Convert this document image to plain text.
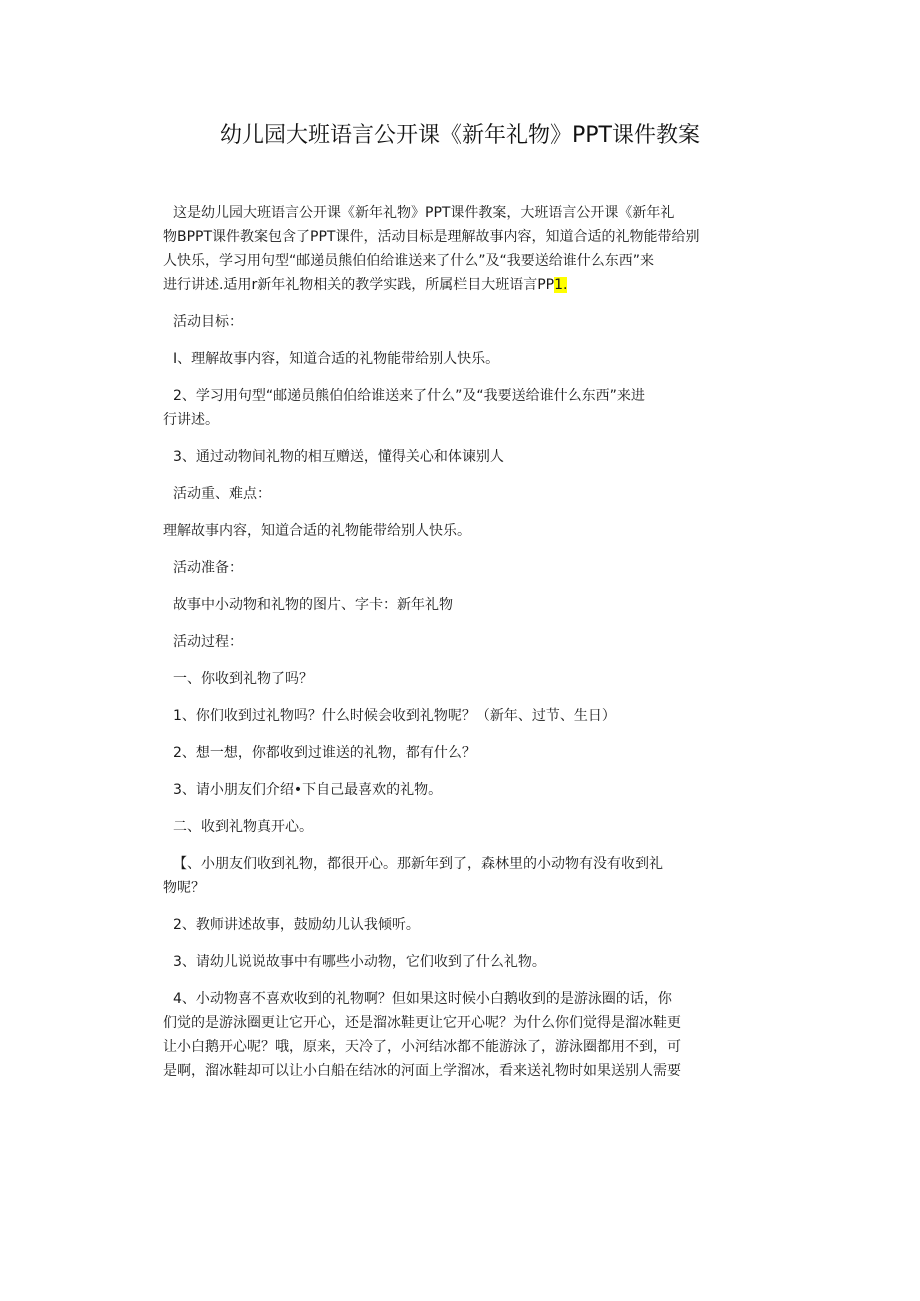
幼儿园大班语言公开课《新年礼物》PPT课件教案
这是幼儿园大班语言公开课《新年礼物》PPT课件教案，大班语言公开课《新年礼
物BPPT课件教案包含了PPT课件，活动目标是理解故事内容，知道合适的礼物能带给别
人快乐，学习用句型“邮递员熊伯伯给谁送来了什么”及“我要送给谁什么东西”来
进行讲述.适用r新年礼物相关的教学实践，所属栏目大班语言PP1.

活动目标：

I、理解故事内容，知道合适的礼物能带给别人快乐。

2、学习用句型“邮递员熊伯伯给谁送来了什么”及“我要送给谁什么东西”来进
行讲述。

3、通过动物间礼物的相互赠送，懂得关心和体谏别人

活动重、难点：

理解故事内容，知道合适的礼物能带给别人快乐。

活动准备：

故事中小动物和礼物的图片、字卡：新年礼物

活动过程：

一、你收到礼物了吗？

1、你们收到过礼物吗？什么时候会收到礼物呢？（新年、过节、生日）

2、想一想，你都收到过谁送的礼物，都有什么？

3、请小朋友们介绍•下自己最喜欢的礼物。

二、收到礼物真开心。

【、小朋友们收到礼物，都很开心。那新年到了，森林里的小动物有没有收到礼
物呢？

2、教师讲述故事，鼓励幼儿认我倾听。

3、请幼儿说说故事中有哪些小动物，它们收到了什么礼物。

4、小动物喜不喜欢收到的礼物啊？但如果这时候小白鹅收到的是游泳圈的话，你
们觉的是游泳圈更让它开心，还是溜冰鞋更让它开心呢？为什么你们觉得是溜冰鞋更
让小白鹅开心呢？哦，原来，天冷了，小河结冰都不能游泳了，游泳圈都用不到，可
是啊，溜冰鞋却可以让小白船在结冰的河面上学溜冰，看来送礼物时如果送别人需要
